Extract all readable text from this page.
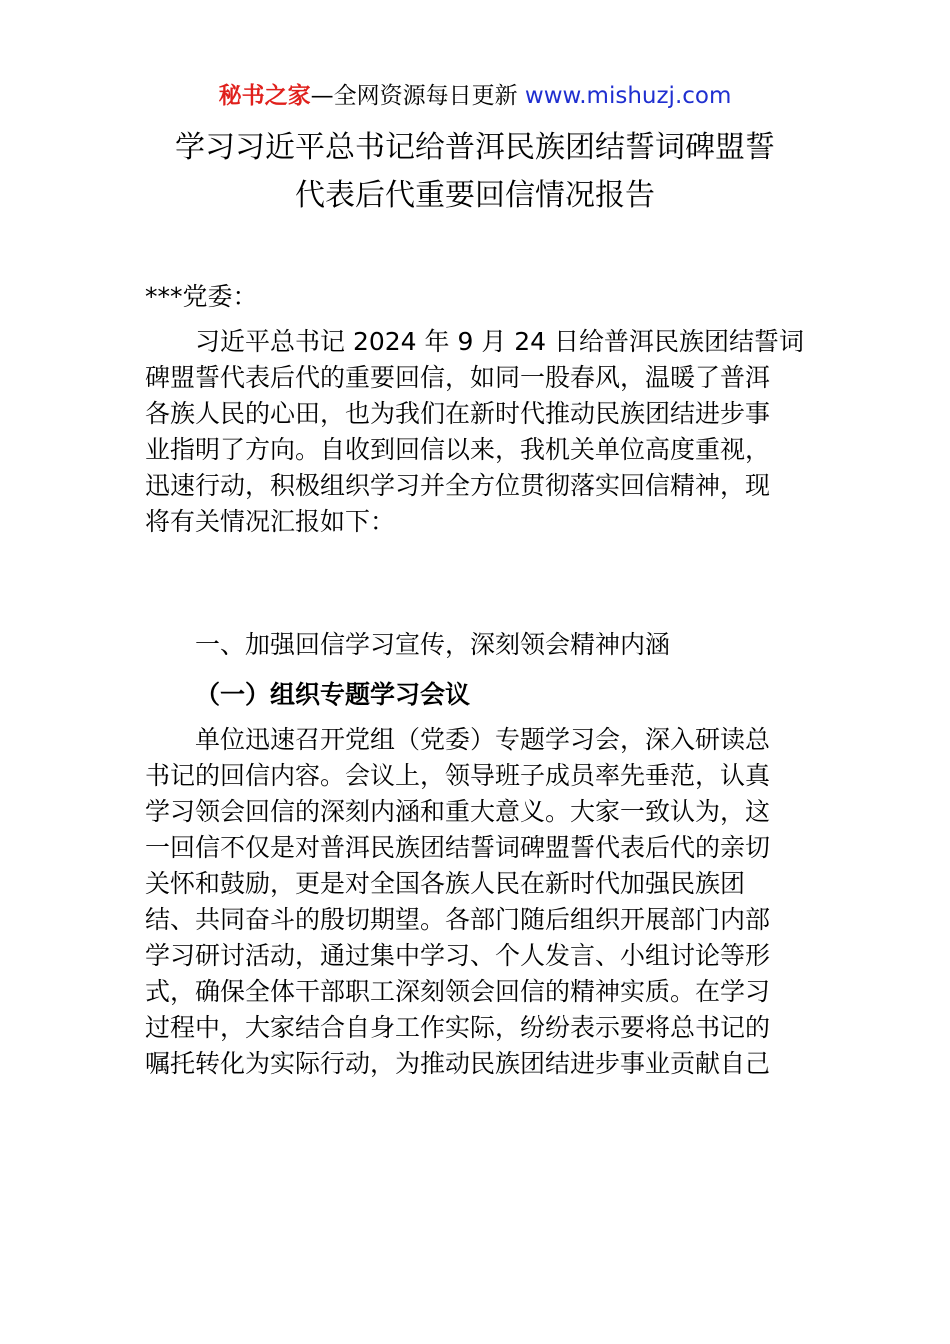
秘书之家—全网资源每日更新 www.mishuzj.com
学习习近平总书记给普洱民族团结誓词碑盟誓
代表后代重要回信情况报告
***党委：
习近平总书记 2024 年 9 月 24 日给普洱民族团结誓词
碑盟誓代表后代的重要回信，如同一股春风，温暖了普洱
各族人民的心田，也为我们在新时代推动民族团结进步事
业指明了方向。自收到回信以来，我机关单位高度重视，
迅速行动，积极组织学习并全方位贯彻落实回信精神，现
将有关情况汇报如下：
一、加强回信学习宣传，深刻领会精神内涵
（一）组织专题学习会议
单位迅速召开党组（党委）专题学习会，深入研读总
书记的回信内容。会议上，领导班子成员率先垂范，认真
学习领会回信的深刻内涵和重大意义。大家一致认为，这
一回信不仅是对普洱民族团结誓词碑盟誓代表后代的亲切
关怀和鼓励，更是对全国各族人民在新时代加强民族团
结、共同奋斗的殷切期望。各部门随后组织开展部门内部
学习研讨活动，通过集中学习、个人发言、小组讨论等形
式，确保全体干部职工深刻领会回信的精神实质。在学习
过程中，大家结合自身工作实际，纷纷表示要将总书记的
嘱托转化为实际行动，为推动民族团结进步事业贡献自己
